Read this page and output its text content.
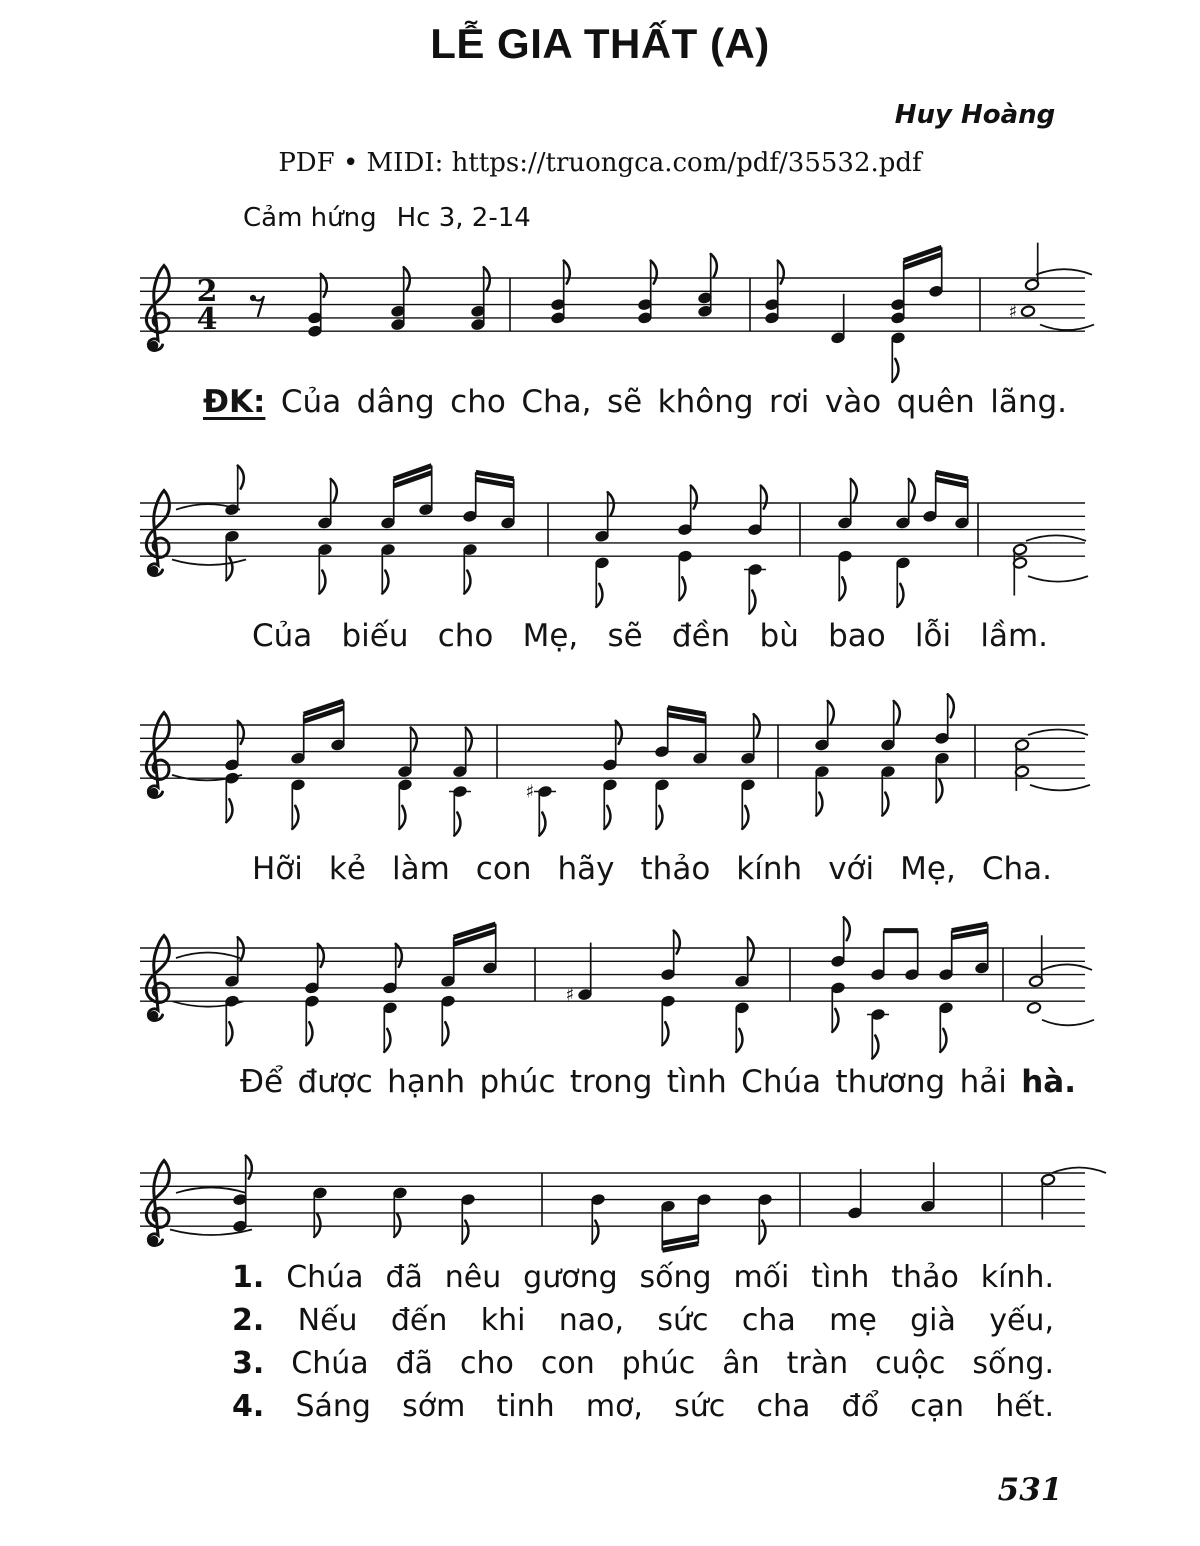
2
4	♯
♯
♯
LỄ GIA THẤT (A)
Huy Hoàng
PDF • MIDI: https://truongca.com/pdf/35532.pdf
Cảm hứng Hc 3, 2-14
ĐK: Của dâng cho Cha, sẽ không rơi vào quên lãng.
Của biếu cho Mẹ, sẽ đền bù bao lỗi lầm.
Hỡi kẻ làm con hãy thảo kính với Mẹ, Cha.
Để được hạnh phúc trong tình Chúa thương hải hà.
1. Chúa đã nêu gương sống mối tình thảo kính.
2. Nếu đến khi nao, sức cha mẹ già yếu,
3. Chúa đã cho con phúc ân tràn cuộc sống.
4. Sáng sớm tinh mơ, sức cha đổ cạn hết.
531
